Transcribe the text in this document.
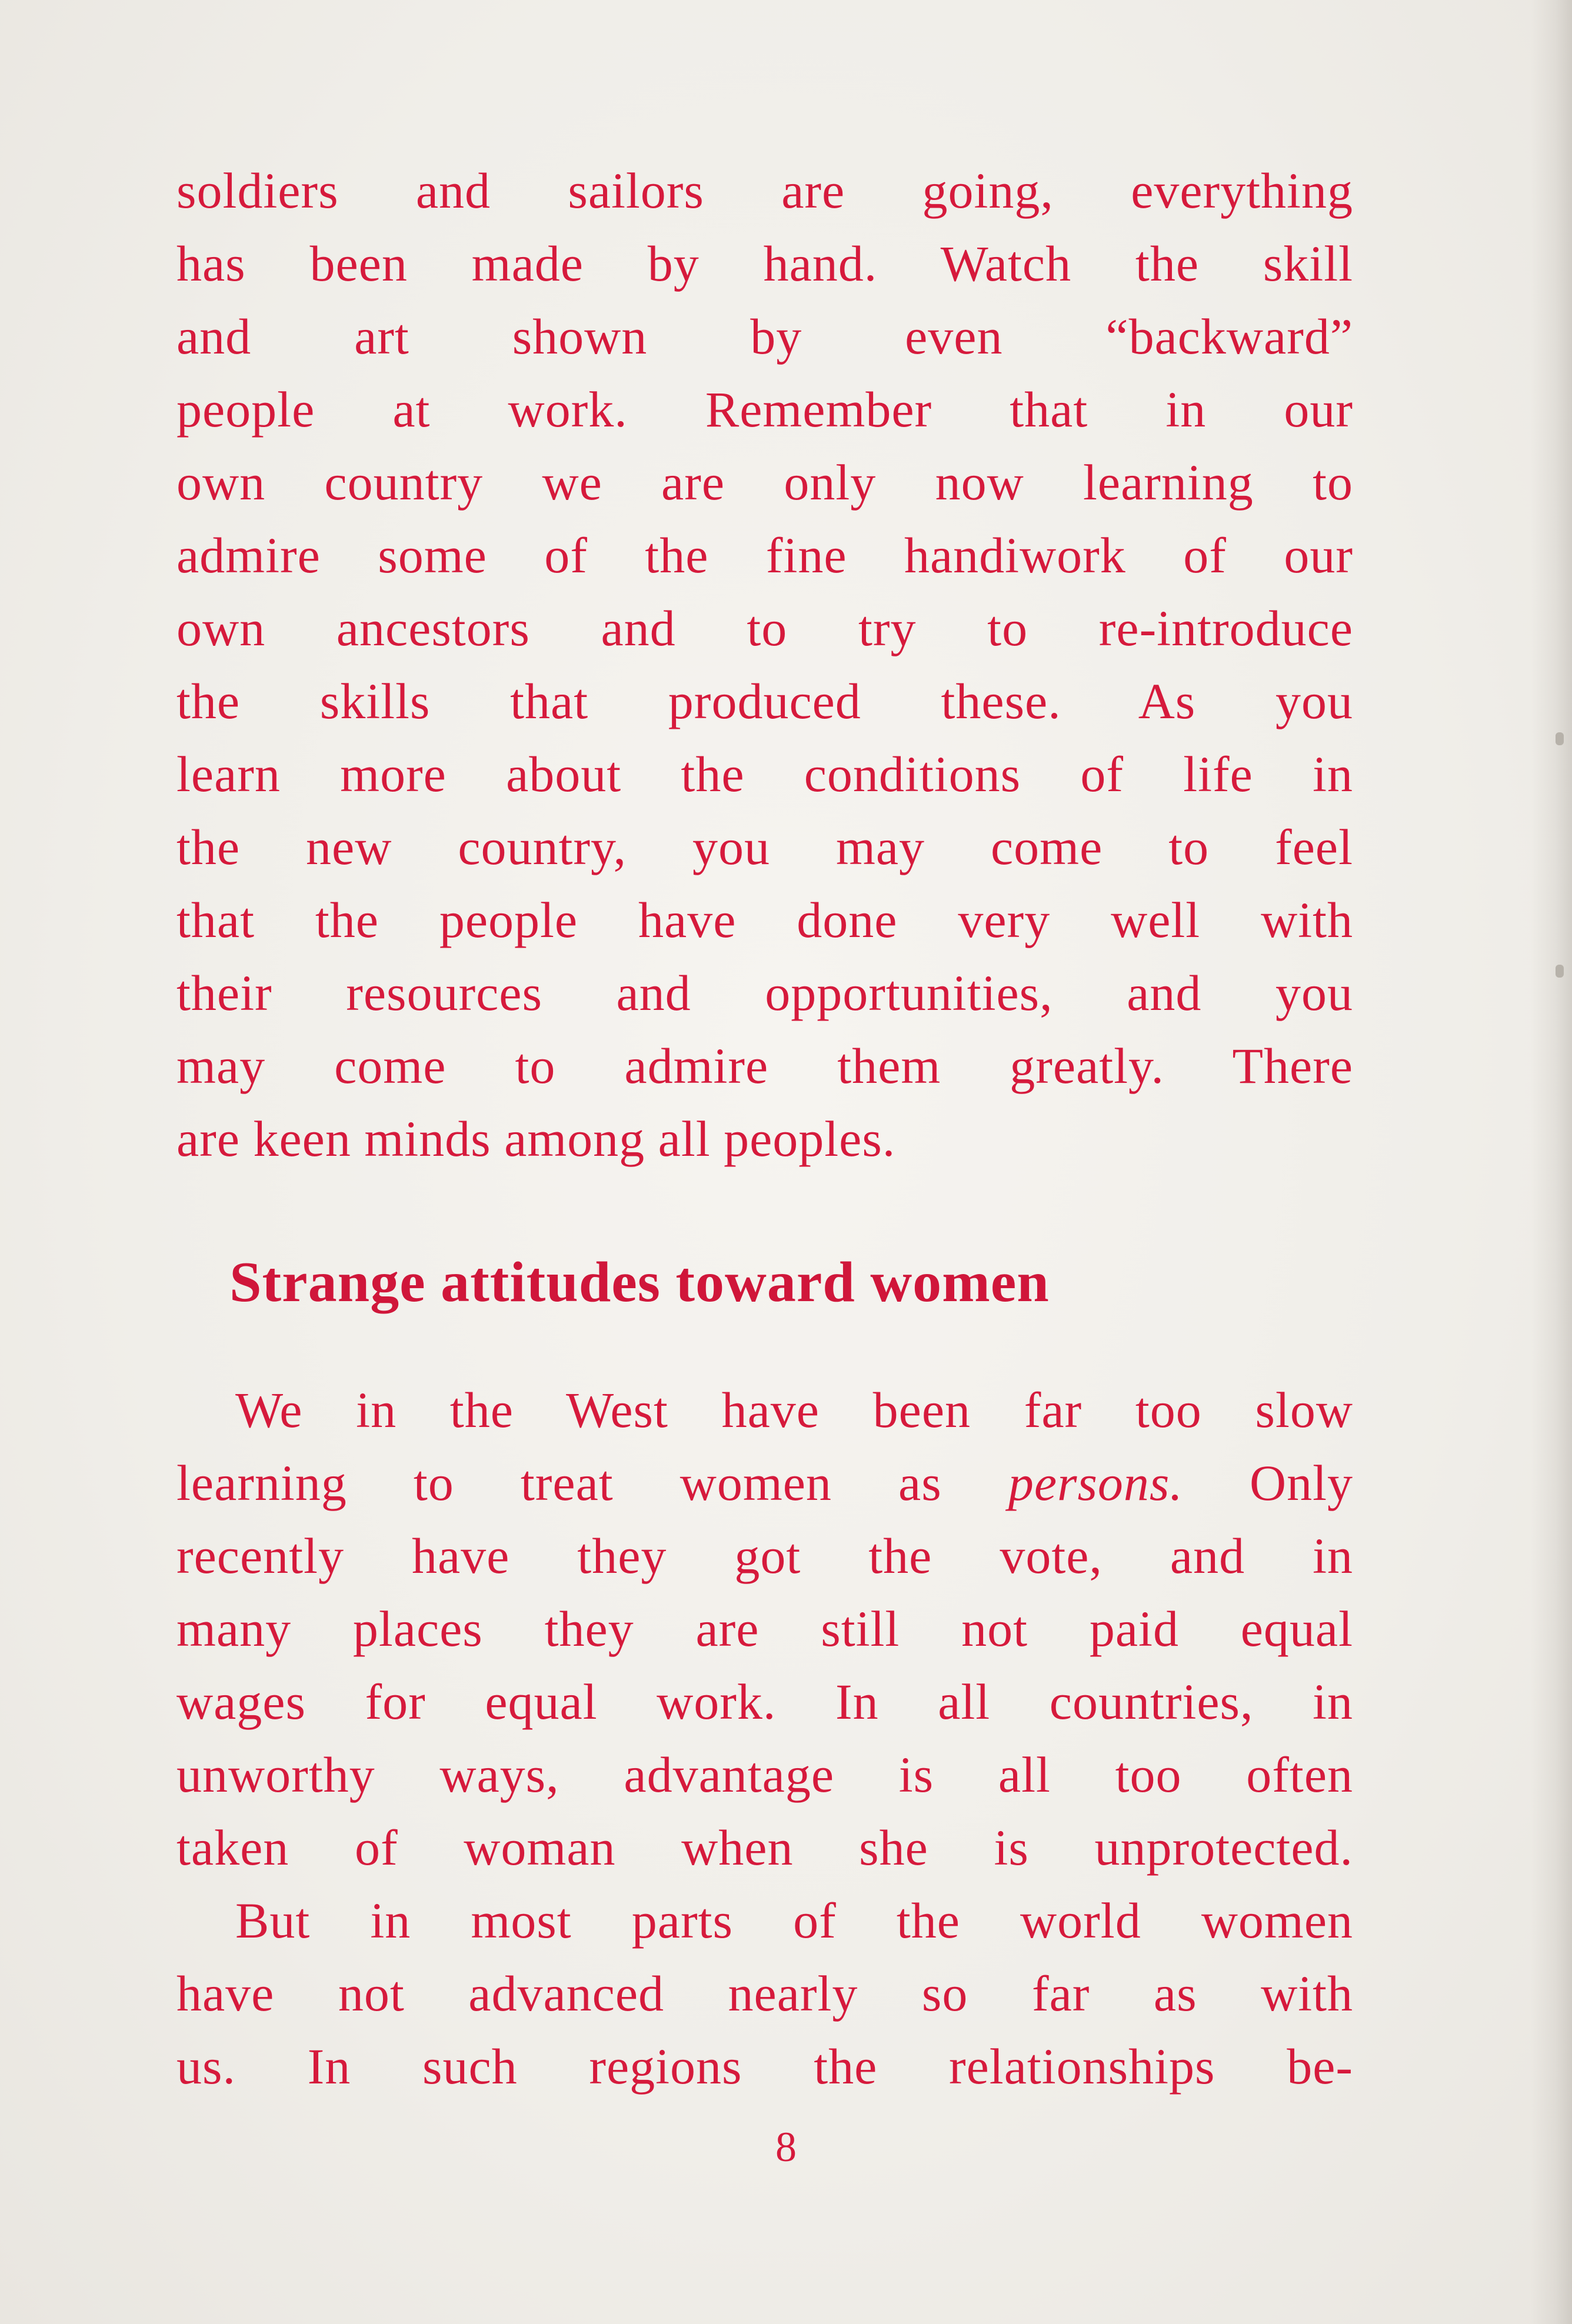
soldiers and sailors are going, everything
has been made by hand. Watch the skill
and art shown by even “backward”
people at work. Remember that in our
own country we are only now learning to
admire some of the fine handiwork of our
own ancestors and to try to re-introduce
the skills that produced these. As you
learn more about the conditions of life in
the new country, you may come to feel
that the people have done very well with
their resources and opportunities, and you
may come to admire them greatly. There
are keen minds among all peoples.
Strange attitudes toward women
We in the West have been far too slow
learning to treat women as persons. Only
recently have they got the vote, and in
many places they are still not paid equal
wages for equal work. In all countries, in
unworthy ways, advantage is all too often
taken of woman when she is unprotected.
But in most parts of the world women
have not advanced nearly so far as with
us. In such regions the relationships be-
8
